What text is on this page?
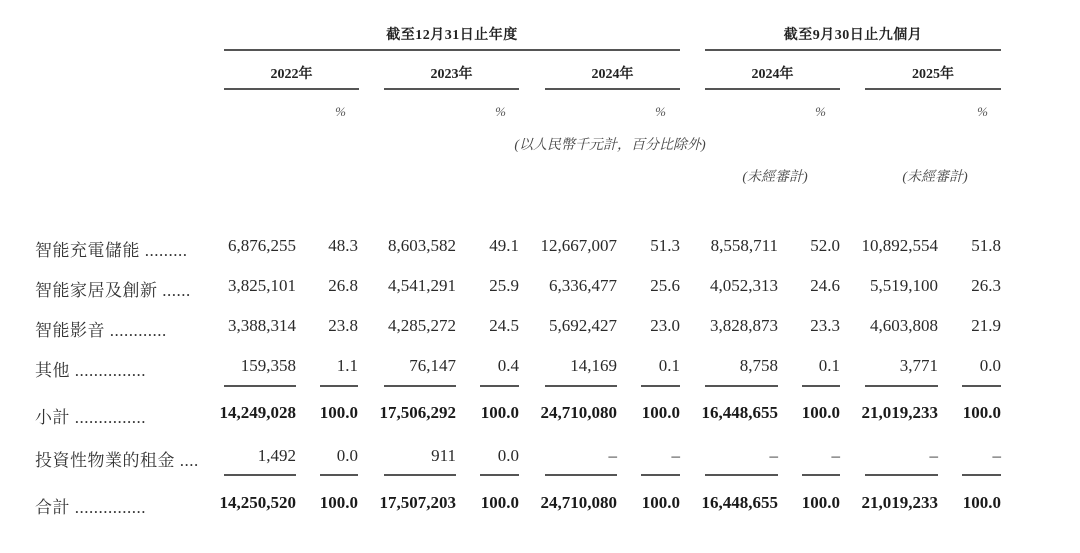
截至12月31日止年度	截至9月30日止九個月
2022年	2023年	2024年	2024年	2025年
%	%	%	%	%
(以人民幣千元計，百分比除外)
(未經審計)	(未經審計)
智能充電儲能 .........	6,876,255	48.3	8,603,582	49.1	12,667,007	51.3	8,558,711	52.0	10,892,554	51.8
智能家居及創新 ......	3,825,101	26.8	4,541,291	25.9	6,336,477	25.6	4,052,313	24.6	5,519,100	26.3
智能影音 ............	3,388,314	23.8	4,285,272	24.5	5,692,427	23.0	3,828,873	23.3	4,603,808	21.9
其他 ...............	159,358	1.1	76,147	0.4	14,169	0.1	8,758	0.1	3,771	0.0
小計 ...............	14,249,028	100.0	17,506,292	100.0	24,710,080	100.0	16,448,655	100.0	21,019,233	100.0
投資性物業的租金 ....	1,492	0.0	911	0.0	–	–	–	–	–	–
合計 ...............	14,250,520	100.0	17,507,203	100.0	24,710,080	100.0	16,448,655	100.0	21,019,233	100.0
